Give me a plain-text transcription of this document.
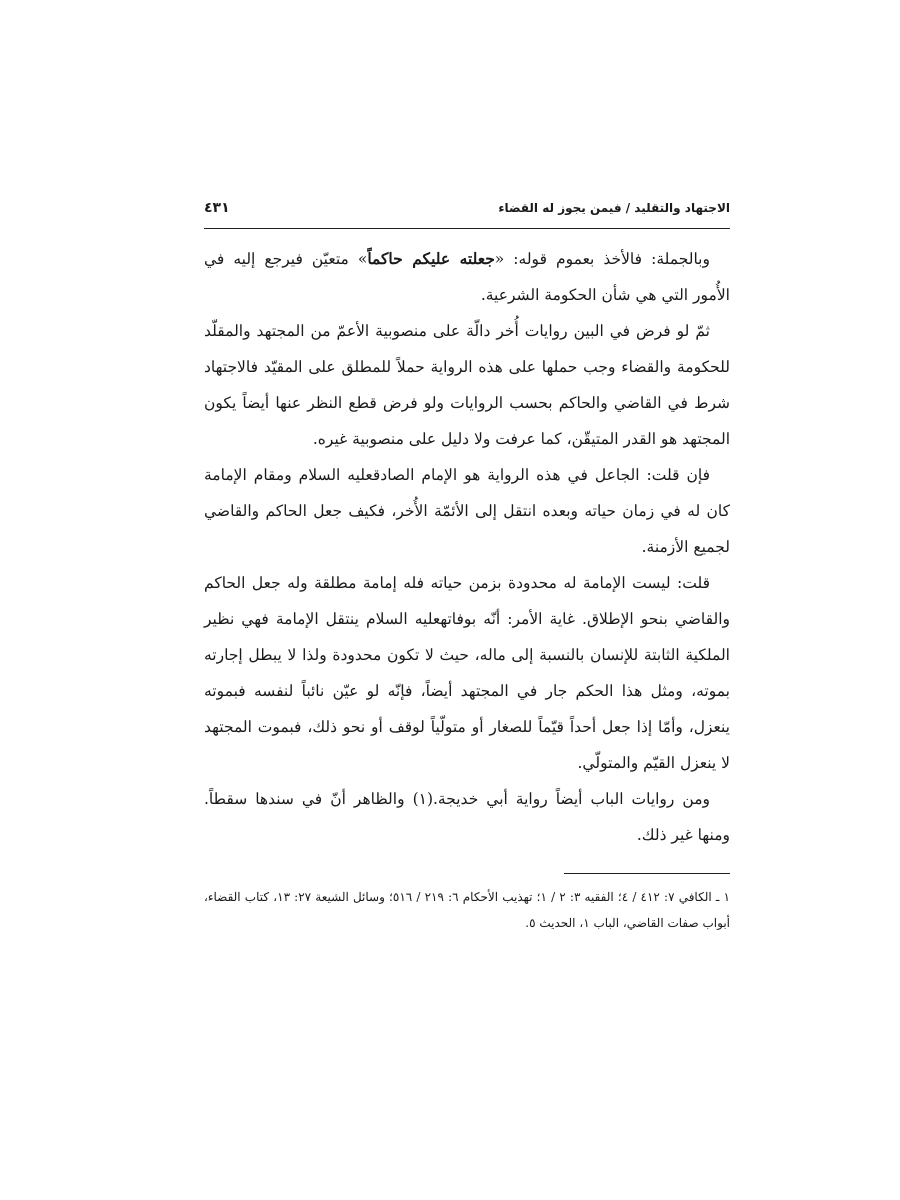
الاجتهاد والتقليد / فيمن يجوز له القضاء
٤٣١

وبالجملة: فالأخذ بعموم قوله: «جعلته عليكم حاكماً» متعيّن فيرجع إليه في الأُمور التي هي شأن الحكومة الشرعية.

ثمّ لو فرض في البين روايات أُخر دالّة على منصوبية الأعمّ من المجتهد والمقلّد للحكومة والقضاء وجب حملها على هذه الرواية حملاً للمطلق على المقيّد فالاجتهاد شرط في القاضي والحاكم بحسب الروايات ولو فرض قطع النظر عنها أيضاً يكون المجتهد هو القدر المتيقّن، كما عرفت ولا دليل على منصوبية غيره.

فإن قلت: الجاعل في هذه الرواية هو الإمام الصادقعليه السلام ومقام الإمامة كان له في زمان حياته وبعده انتقل إلى الأئمّة الأُخر، فكيف جعل الحاكم والقاضي لجميع الأزمنة.

قلت: ليست الإمامة له محدودة بزمن حياته فله إمامة مطلقة وله جعل الحاكم والقاضي بنحو الإطلاق. غاية الأمر: أنّه بوفاتهعليه السلام ينتقل الإمامة فهي نظير الملكية الثابتة للإنسان بالنسبة إلى ماله، حيث لا تكون محدودة ولذا لا يبطل إجارته بموته، ومثل هذا الحكم جار في المجتهد أيضاً، فإنّه لو عيّن نائباً لنفسه فبموته ينعزل، وأمّا إذا جعل أحداً قيّماً للصغار أو متولّياً لوقف أو نحو ذلك، فبموت المجتهد لا ينعزل القيّم والمتولّي.

ومن روايات الباب أيضاً رواية أبي خديجة.(١) والظاهر أنّ في سندها سقطاً. ومنها غير ذلك.

١ ـ الكافي ٧: ٤١٢ / ٤؛ الفقيه ٣: ٢ / ١؛ تهذيب الأحكام ٦: ٢١٩ / ٥١٦؛ وسائل الشيعة ٢٧: ١٣، كتاب القضاء، أبواب صفات القاضي، الباب ١، الحديث ٥.
